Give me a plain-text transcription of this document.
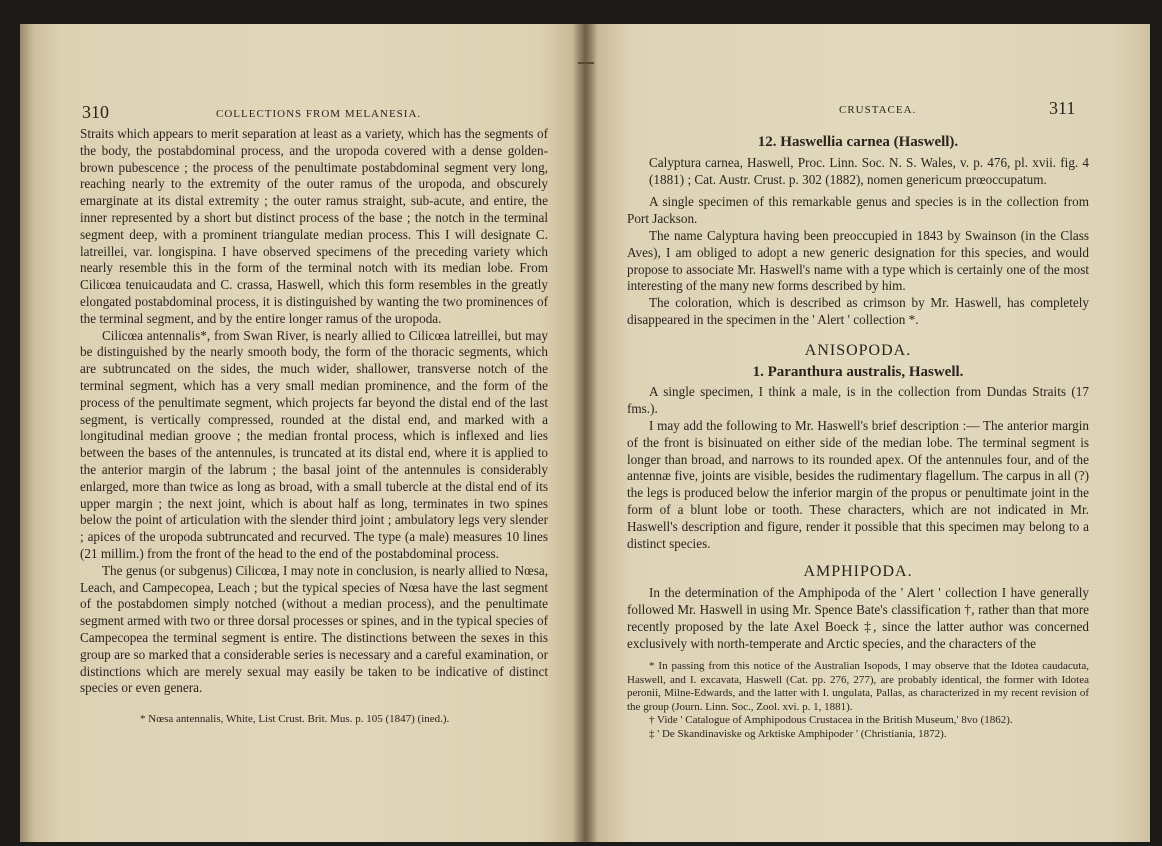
310	COLLECTIONS FROM MELANESIA.

Straits which appears to merit separation at least as a variety, which has the segments of the body, the postabdominal process, and the uropoda covered with a dense golden-brown pubescence ; the process of the penultimate postabdominal segment very long, reaching nearly to the extremity of the outer ramus of the uropoda, and obscurely emarginate at its distal extremity ; the outer ramus straight, sub-acute, and entire, the inner represented by a short but distinct process of the base ; the notch in the terminal segment deep, with a prominent triangulate median process. This I will designate C. latreillei, var. longispina. I have observed specimens of the preceding variety which nearly resemble this in the form of the terminal notch with its median lobe. From Cilicœa tenuicaudata and C. crassa, Haswell, which this form resembles in the greatly elongated postabdominal process, it is distinguished by wanting the two prominences of the terminal segment, and by the entire longer ramus of the uropoda.

Cilicœa antennalis*, from Swan River, is nearly allied to Cilicœa latreillei, but may be distinguished by the nearly smooth body, the form of the thoracic segments, which are subtruncated on the sides, the much wider, shallower, transverse notch of the terminal segment, which has a very small median prominence, and the form of the process of the penultimate segment, which projects far beyond the distal end of the last segment, is vertically compressed, rounded at the distal end, and marked with a longitudinal median groove ; the median frontal process, which is inflexed and lies between the bases of the antennules, is truncated at its distal end, where it is applied to the anterior margin of the labrum ; the basal joint of the antennules is considerably enlarged, more than twice as long as broad, with a small tubercle at the distal end of its upper margin ; the next joint, which is about half as long, terminates in two spines below the point of articulation with the slender third joint ; ambulatory legs very slender ; apices of the uropoda subtruncated and recurved. The type (a male) measures 10 lines (21 millim.) from the front of the head to the end of the postabdominal process.

The genus (or subgenus) Cilicœa, I may note in conclusion, is nearly allied to Nœsa, Leach, and Campecopea, Leach ; but the typical species of Nœsa have the last segment of the postabdomen simply notched (without a median process), and the penultimate segment armed with two or three dorsal processes or spines, and in the typical species of Campecopea the terminal segment is entire. The distinctions between the sexes in this group are so marked that a considerable series is necessary and a careful examination, or distinctions which are merely sexual may easily be taken to be indicative of distinct species or even genera.

* Nœsa antennalis, White, List Crust. Brit. Mus. p. 105 (1847) (ined.).

CRUSTACEA.	311

12. Haswellia carnea (Haswell).

Calyptura carnea, Haswell, Proc. Linn. Soc. N. S. Wales, v. p. 476, pl. xvii. fig. 4 (1881) ; Cat. Austr. Crust. p. 302 (1882), nomen genericum prœoccupatum.

A single specimen of this remarkable genus and species is in the collection from Port Jackson.

The name Calyptura having been preoccupied in 1843 by Swainson (in the Class Aves), I am obliged to adopt a new generic designation for this species, and would propose to associate Mr. Haswell's name with a type which is certainly one of the most interesting of the many new forms described by him.

The coloration, which is described as crimson by Mr. Haswell, has completely disappeared in the specimen in the ' Alert ' collection *.

ANISOPODA.

1. Paranthura australis, Haswell.

A single specimen, I think a male, is in the collection from Dundas Straits (17 fms.).

I may add the following to Mr. Haswell's brief description :— The anterior margin of the front is bisinuated on either side of the median lobe. The terminal segment is longer than broad, and narrows to its rounded apex. Of the antennules four, and of the antennæ five, joints are visible, besides the rudimentary flagellum. The carpus in all (?) the legs is produced below the inferior margin of the propus or penultimate joint in the form of a blunt lobe or tooth. These characters, which are not indicated in Mr. Haswell's description and figure, render it possible that this specimen may belong to a distinct species.

AMPHIPODA.

In the determination of the Amphipoda of the ' Alert ' collection I have generally followed Mr. Haswell in using Mr. Spence Bate's classification †, rather than that more recently proposed by the late Axel Boeck ‡, since the latter author was concerned exclusively with north-temperate and Arctic species, and the characters of the

* In passing from this notice of the Australian Isopods, I may observe that the Idotea caudacuta, Haswell, and I. excavata, Haswell (Cat. pp. 276, 277), are probably identical, the former with Idotea peronii, Milne-Edwards, and the latter with I. ungulata, Pallas, as characterized in my recent revision of the group (Journ. Linn. Soc., Zool. xvi. p. 1, 1881).

† Vide ' Catalogue of Amphipodous Crustacea in the British Museum,' 8vo (1862).

‡ ' De Skandinaviske og Arktiske Amphipoder ' (Christiania, 1872).
